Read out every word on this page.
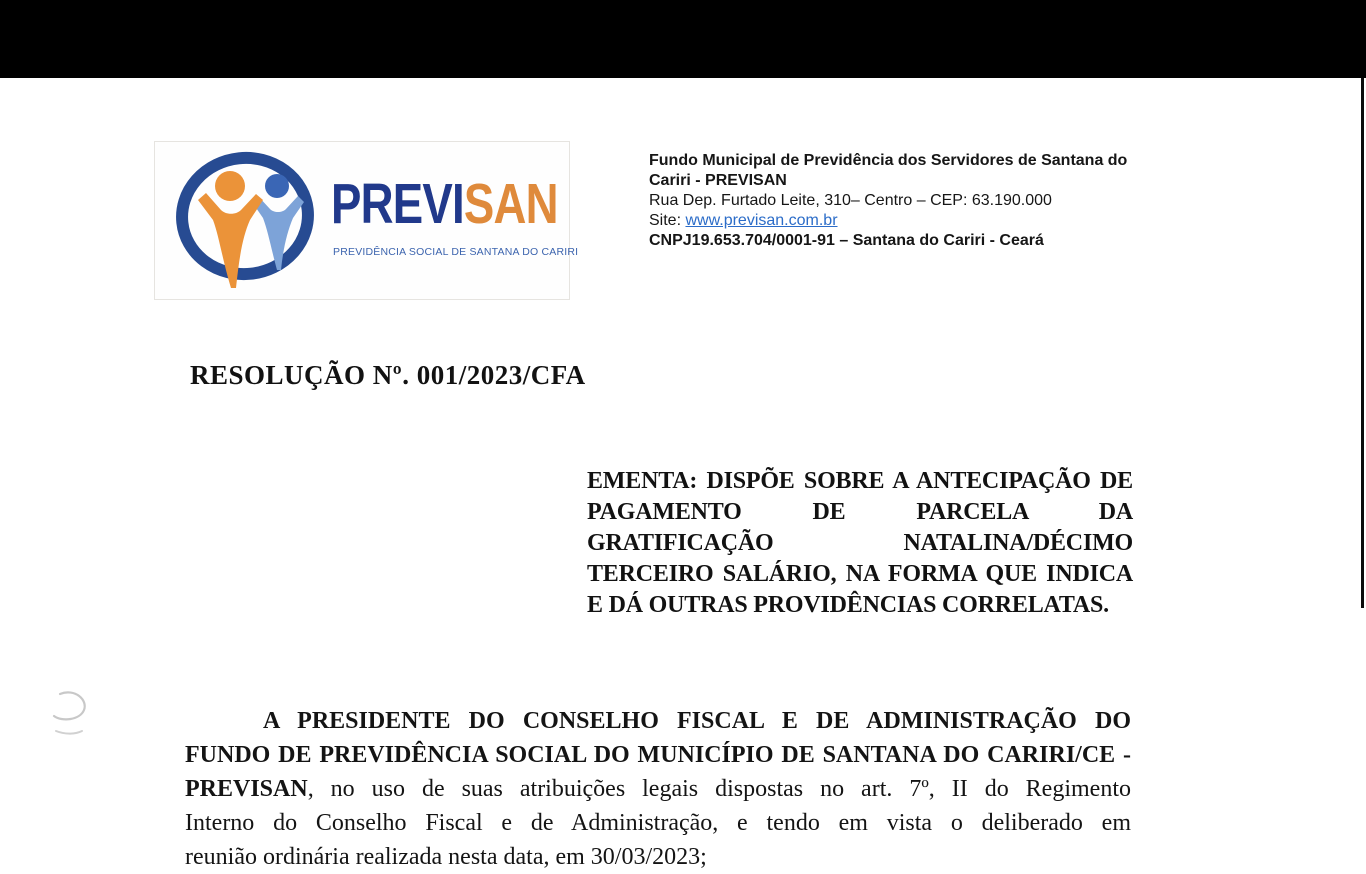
PREVISAN
PREVIDÊNCIA SOCIAL DE SANTANA DO CARIRI
Fundo Municipal de Previdência dos Servidores de Santana do
Cariri - PREVISAN
Rua Dep. Furtado Leite, 310– Centro – CEP: 63.190.000
Site: www.previsan.com.br
CNPJ19.653.704/0001-91 – Santana do Cariri - Ceará
RESOLUÇÃO Nº. 001/2023/CFA
EMENTA: DISPÕE SOBRE A ANTECIPAÇÃO DE
PAGAMENTO DE PARCELA DA
GRATIFICAÇÃO NATALINA/DÉCIMO
TERCEIRO SALÁRIO, NA FORMA QUE INDICA
E DÁ OUTRAS PROVIDÊNCIAS CORRELATAS.
A PRESIDENTE DO CONSELHO FISCAL E DE ADMINISTRAÇÃO DO
FUNDO DE PREVIDÊNCIA SOCIAL DO MUNICÍPIO DE SANTANA DO CARIRI/CE -
PREVISAN, no uso de suas atribuições legais dispostas no art. 7º, II do Regimento
Interno do Conselho Fiscal e de Administração, e tendo em vista o deliberado em
reunião ordinária realizada nesta data, em 30/03/2023;
